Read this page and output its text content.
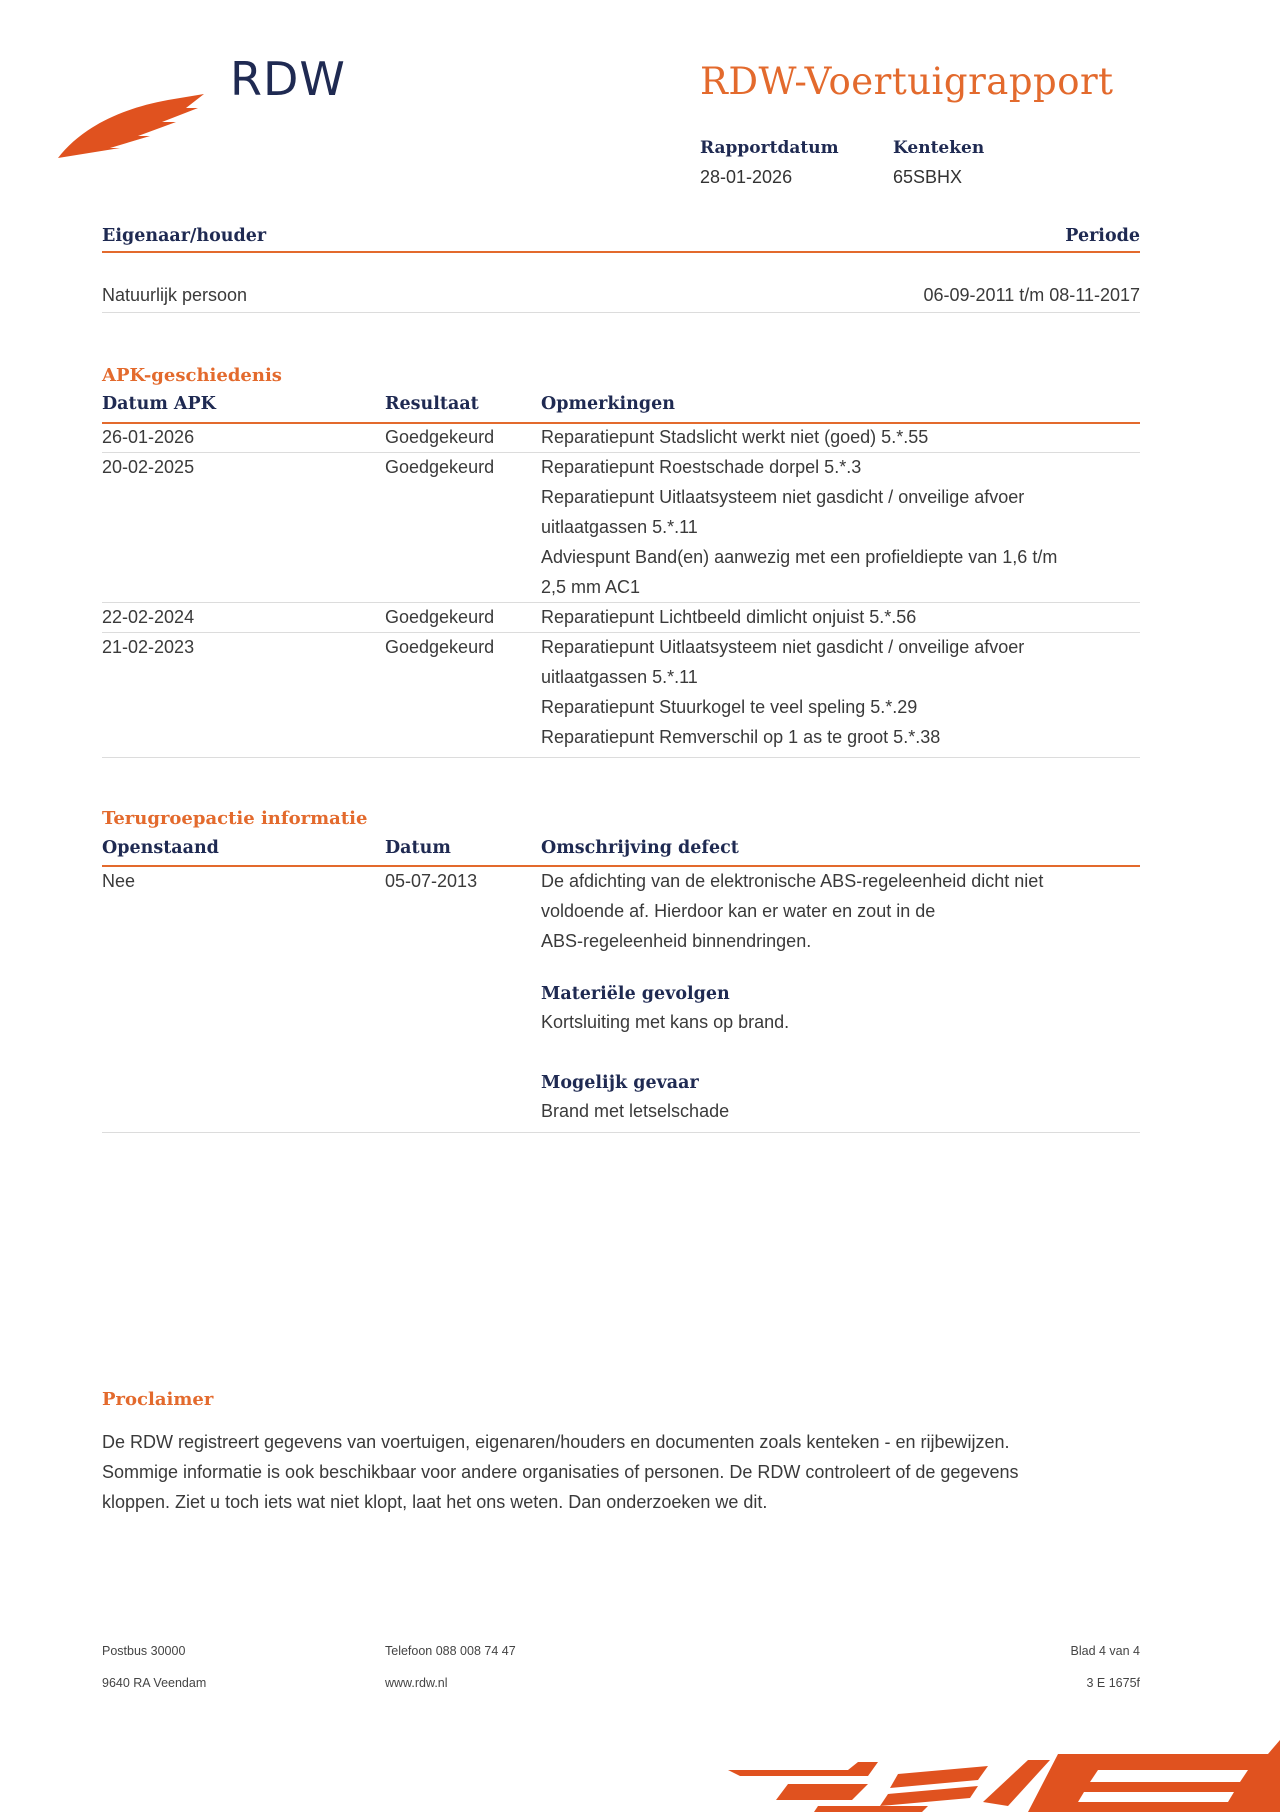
RDW	RDW-Voertuigrapport
Rapportdatum
28-01-2026
Kenteken
65SBHX
Eigenaar/houder	Periode
Natuurlijk persoon	06-09-2011 t/m 08-11-2017
APK-geschiedenis
Datum APK	Resultaat	Opmerkingen
26-01-2026	Goedgekeurd	Reparatiepunt Stadslicht werkt niet (goed) 5.*.55
20-02-2025	Goedgekeurd	Reparatiepunt Roestschade dorpel 5.*.3
Reparatiepunt Uitlaatsysteem niet gasdicht / onveilige afvoer
uitlaatgassen 5.*.11
Adviespunt Band(en) aanwezig met een profieldiepte van 1,6 t/m
2,5 mm AC1
22-02-2024	Goedgekeurd	Reparatiepunt Lichtbeeld dimlicht onjuist 5.*.56
21-02-2023	Goedgekeurd	Reparatiepunt Uitlaatsysteem niet gasdicht / onveilige afvoer
uitlaatgassen 5.*.11
Reparatiepunt Stuurkogel te veel speling 5.*.29
Reparatiepunt Remverschil op 1 as te groot 5.*.38
Terugroepactie informatie
Openstaand	Datum	Omschrijving defect
Nee	05-07-2013	De afdichting van de elektronische ABS-regeleenheid dicht niet
voldoende af. Hierdoor kan er water en zout in de
ABS-regeleenheid binnendringen.
Materiële gevolgen
Kortsluiting met kans op brand.
Mogelijk gevaar
Brand met letselschade
Proclaimer
De RDW registreert gegevens van voertuigen, eigenaren/houders en documenten zoals kenteken - en rijbewijzen.
Sommige informatie is ook beschikbaar voor andere organisaties of personen. De RDW controleert of de gegevens
kloppen. Ziet u toch iets wat niet klopt, laat het ons weten. Dan onderzoeken we dit.
Postbus 30000
9640 RA Veendam
Telefoon 088 008 74 47
www.rdw.nl
Blad 4 van 4
3 E 1675f
